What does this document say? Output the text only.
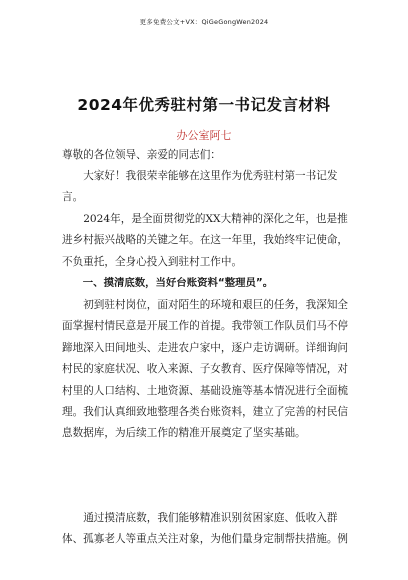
更多免费公文+VX：QiGeGongWen2024
2024年优秀驻村第一书记发言材料
办公室阿七

尊敬的各位领导、亲爱的同志们：

大家好！我很荣幸能够在这里作为优秀驻村第一书记发言。

2024年，是全面贯彻党的XX大精神的深化之年，也是推进乡村振兴战略的关键之年。在这一年里，我始终牢记使命，不负重托，全身心投入到驻村工作中。

一、摸清底数，当好台账资料“整理员”。

初到驻村岗位，面对陌生的环境和艰巨的任务，我深知全面掌握村情民意是开展工作的首提。我带领工作队员们马不停蹄地深入田间地头、走进农户家中，逐户走访调研。详细询问村民的家庭状况、收入来源、子女教育、医疗保障等情况，对村里的人口结构、土地资源、基础设施等基本情况进行全面梳理。我们认真细致地整理各类台账资料，建立了完善的村民信息数据库，为后续工作的精准开展奠定了坚实基础。

通过摸清底数，我们能够精准识别贫困家庭、低收入群体、孤寡老人等重点关注对象，为他们量身定制帮扶措施。例
